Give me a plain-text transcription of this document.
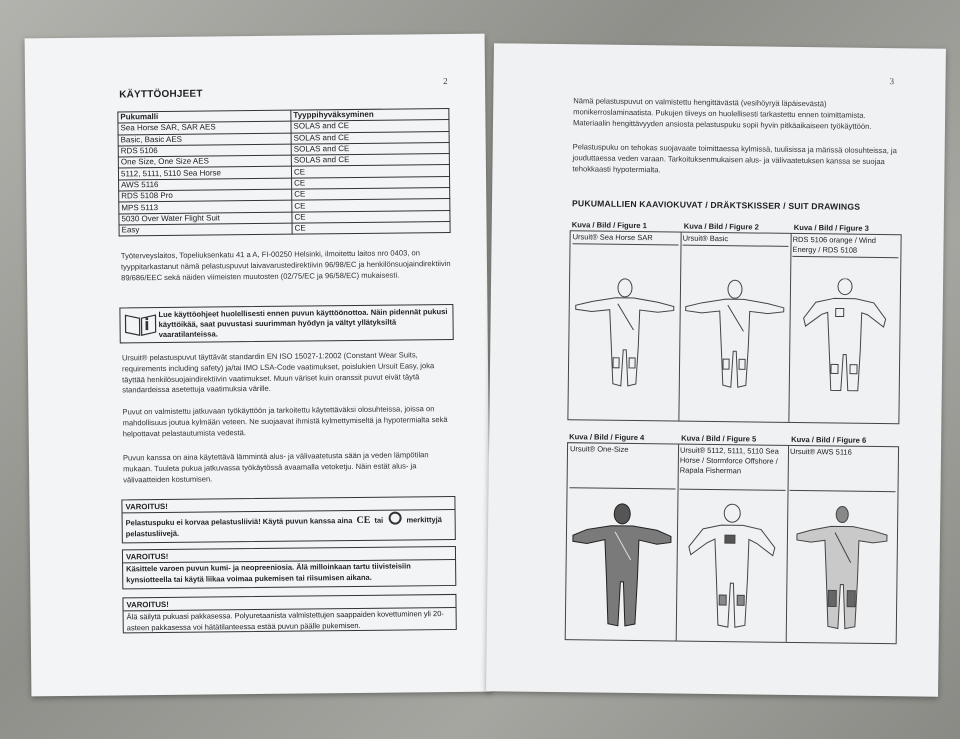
2
KÄYTTÖOHJEET
Pukumalli	Tyyppihyväksyminen
Sea Horse SAR, SAR AES	SOLAS and CE
Basic, Basic AES	SOLAS and CE
RDS 5106	SOLAS and CE
One Size, One Size AES	SOLAS and CE
5112, 5111, 5110 Sea Horse	CE
AWS 5116	CE
RDS 5108 Pro	CE
MPS 5113	CE
5030 Over Water Flight Suit	CE
Easy	CE
Työterveyslaitos, Topeliuksenkatu 41 a A, FI-00250 Helsinki, ilmoitettu laitos nro 0403, on tyyppitarkastanut nämä pelastuspuvut laivavarustedirektiivin 96/98/EC ja henkilönsuojaindirektiivin 89/686/EEC sekä näiden viimeisten muutosten (02/75/EC ja 96/58/EC) mukaisesti.
Lue käyttöohjeet huolellisesti ennen puvun käyttöönottoa. Näin pidennät pukusi käyttöikää, saat puvustasi suurimman hyödyn ja vältyt yllätyksiltä vaaratilanteissa.
Ursuit® pelastuspuvut täyttävät standardin EN ISO 15027-1:2002 (Constant Wear Suits, requirements including safety) ja/tai IMO LSA-Code vaatimukset, poislukien Ursuit Easy, joka täyttää henkilösuojaindirektiivin vaatimukset. Muun väriset kuin oranssit puvut eivät täytä standardeissa asetettuja vaatimuksia värille.
Puvut on valmistettu jatkuvaan työkäyttöön ja tarkoitettu käytettäväksi olosuhteissa, joissa on mahdollisuus joutua kylmään veteen. Ne suojaavat ihmistä kylmettymiseltä ja hypotermialta sekä helpottavat pelastautumista vedestä.
Puvun kanssa on aina käytettävä lämmintä alus- ja välivaatetusta sään ja veden lämpötilan mukaan. Tuuleta pukua jatkuvassa työkäytössä avaamalla vetoketju. Näin estät alus- ja välivaatteiden kostumisen.
VAROITUS!
Pelastuspuku ei korvaa pelastusliiviä! Käytä puvun kanssa aina CE tai	merkittyjä pelastusliivejä.
VAROITUS!
Käsittele varoen puvun kumi- ja neopreeniosia. Älä milloinkaan tartu tiivisteisiin kynsiotteella tai käytä liikaa voimaa pukemisen tai riisumisen aikana.
VAROITUS!
Älä säilytä pukuasi pakkasessa. Polyuretaanista valmistettujen saappaiden kovettuminen yli 20-asteen pakkasessa voi hätätilanteessa estää puvun päälle pukemisen.
3
Nämä pelastuspuvut on valmistettu hengittävästä (vesihöyryä läpäisevästä) monikerroslaminaatista. Pukujen tiiveys on huolellisesti tarkastettu ennen toimittamista. Materiaalin hengittävyyden ansiosta pelastuspuku sopii hyvin pitkäaikaiseen työkäyttöön.
Pelastuspuku on tehokas suojavaate toimittaessa kylmissä, tuulisissa ja märissä olosuhteissa, ja jouduttaessa veden varaan. Tarkoituksenmukaisen alus- ja välivaatetuksen kanssa se suojaa tehokkaasti hypotermialta.
PUKUMALLIEN KAAVIOKUVAT / DRÄKTSKISSER / SUIT DRAWINGS
Kuva / Bild / Figure 1	Kuva / Bild / Figure 2	Kuva / Bild / Figure 3
Ursuit® Sea Horse SAR	Ursuit® Basic	RDS 5106 orange / Wind Energy / RDS 5108
Kuva / Bild / Figure 4	Kuva / Bild / Figure 5	Kuva / Bild / Figure 6
Ursuit® One-Size	Ursuit® 5112, 5111, 5110 Sea Horse / Stormforce Offshore / Rapala Fisherman
Ursuit® AWS 5116
